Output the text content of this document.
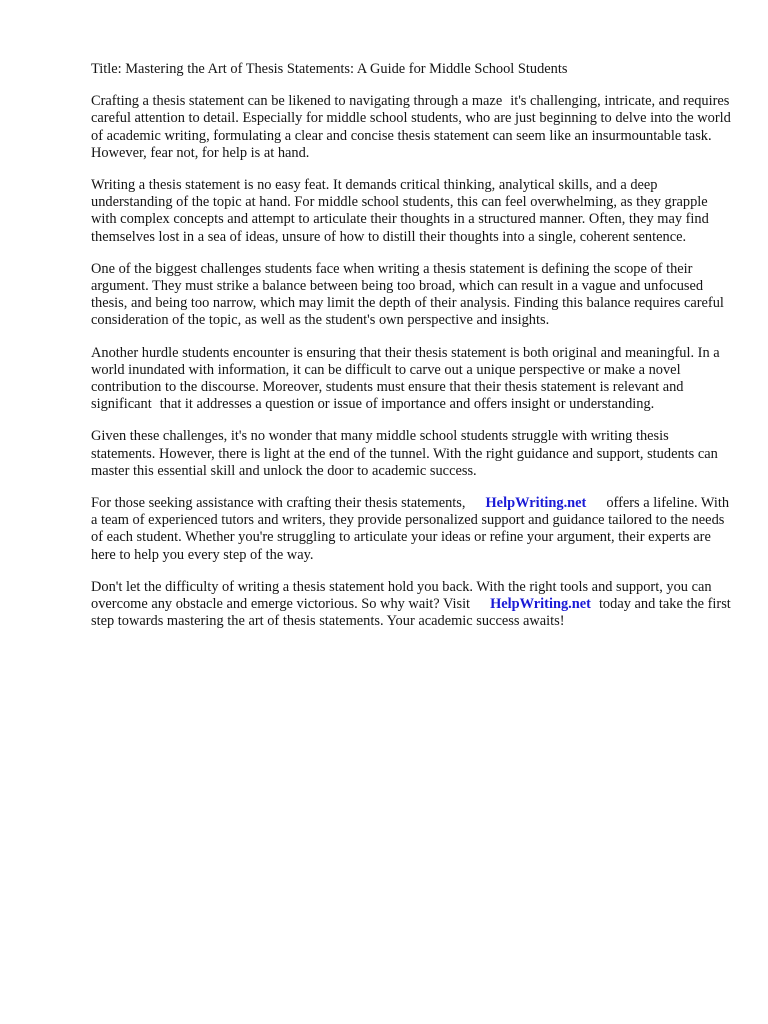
Title: Mastering the Art of Thesis Statements: A Guide for Middle School Students

Crafting a thesis statement can be likened to navigating through a maze it's challenging, intricate, and requires careful attention to detail. Especially for middle school students, who are just beginning to delve into the world of academic writing, formulating a clear and concise thesis statement can seem like an insurmountable task. However, fear not, for help is at hand.

Writing a thesis statement is no easy feat. It demands critical thinking, analytical skills, and a deep understanding of the topic at hand. For middle school students, this can feel overwhelming, as they grapple with complex concepts and attempt to articulate their thoughts in a structured manner. Often, they may find themselves lost in a sea of ideas, unsure of how to distill their thoughts into a single, coherent sentence.

One of the biggest challenges students face when writing a thesis statement is defining the scope of their argument. They must strike a balance between being too broad, which can result in a vague and unfocused thesis, and being too narrow, which may limit the depth of their analysis. Finding this balance requires careful consideration of the topic, as well as the student's own perspective and insights.

Another hurdle students encounter is ensuring that their thesis statement is both original and meaningful. In a world inundated with information, it can be difficult to carve out a unique perspective or make a novel contribution to the discourse. Moreover, students must ensure that their thesis statement is relevant and significant that it addresses a question or issue of importance and offers insight or understanding.

Given these challenges, it's no wonder that many middle school students struggle with writing thesis statements. However, there is light at the end of the tunnel. With the right guidance and support, students can master this essential skill and unlock the door to academic success.

For those seeking assistance with crafting their thesis statements, HelpWriting.net offers a lifeline. With a team of experienced tutors and writers, they provide personalized support and guidance tailored to the needs of each student. Whether you're struggling to articulate your ideas or refine your argument, their experts are here to help you every step of the way.

Don't let the difficulty of writing a thesis statement hold you back. With the right tools and support, you can overcome any obstacle and emerge victorious. So why wait? Visit HelpWriting.net today and take the first step towards mastering the art of thesis statements. Your academic success awaits!
